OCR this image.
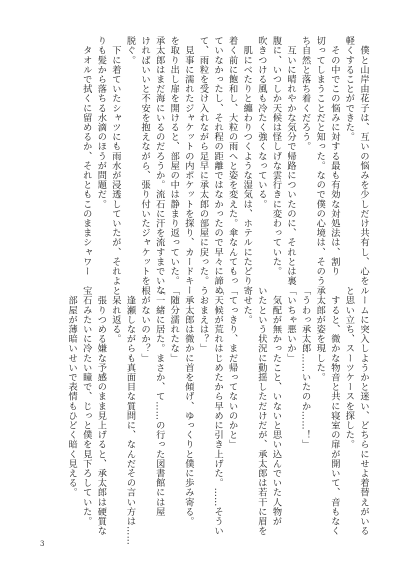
　僕と山岸由花子は、互いの悩みを少しだけ共有し、心を
軽くすることができた。
　その中でこの悩みに対する最も有効な対処法は、割り
切ってしまうことだと知った。なので僕の心境は、そのう
ち自然と落ち着くだろう。
　互いに晴れやかな気分で帰路についたのに、それとは裏
腹に、いつしか天候は怪しげな雲行きに変わっていた。
吹きつける風も冷たく強くなっている。
　肌にべたりと纏わりつくような湿気は、ホテルにたどり
着く前に飽和し、大粒の雨へと姿を変えた。傘なんてもっ
ていなかったし、それ程の距離ではなかったので早々に諦め
て、雨粒を受け入れながら足早に承太郎の部屋に戻った。
　見事に濡れたジャケットの内ポケットを探り、カードキー
を取り出し扉を開けると、部屋の中は静まり返っていた。
承太郎はまだ海にいるのだろうか。流石に汗を流すまでいな
ければいいと不安を抱えながら、張り付いたジャケットを
脱ぐ。
　下に着ていたシャツにも雨水が浸透していたが、それよ
りも髪から落ちる水滴のほうが問題だ。
　タオルで拭くに留めるか、それともこのままシャワー
ルームに突入しようかと迷い、どちらにせよ着替えがいる
と思い立ち、スーツケースを探した。
　すると、微かな物音と共に寝室の扉が開いて、音もなく
承太郎が姿を現した。
「うわっ承太郎……いたのか……！」
「いちゃ悪いか」
　気配が無かったこと、いないと思い込んでいた人物が
いたという状況に動揺しただけだが、承太郎は若干に眉を
寄せた。
「てっきり、まだ帰ってないのかと」
「天候が荒れはじめたから早めに引き上げた。……そうい
うおまえは？」
　承太郎は微かに首を傾げ、ゆっくりと僕に歩み寄る。
「随分濡れたな」
「一緒に居た。まさか、て……の行った図書館には屋
根がないのか？」
　逢瀬しながらも真面目な質問に、なんだその言い方は……
と呆れ返る。
　張りつめる嫌な予感のまま見上げると、承太郎は硬質な
宝石みたいに冷たい瞳で、じっと僕を見下ろしていた。
　部屋が薄暗いせいで表情もひどく暗く見える。
3
